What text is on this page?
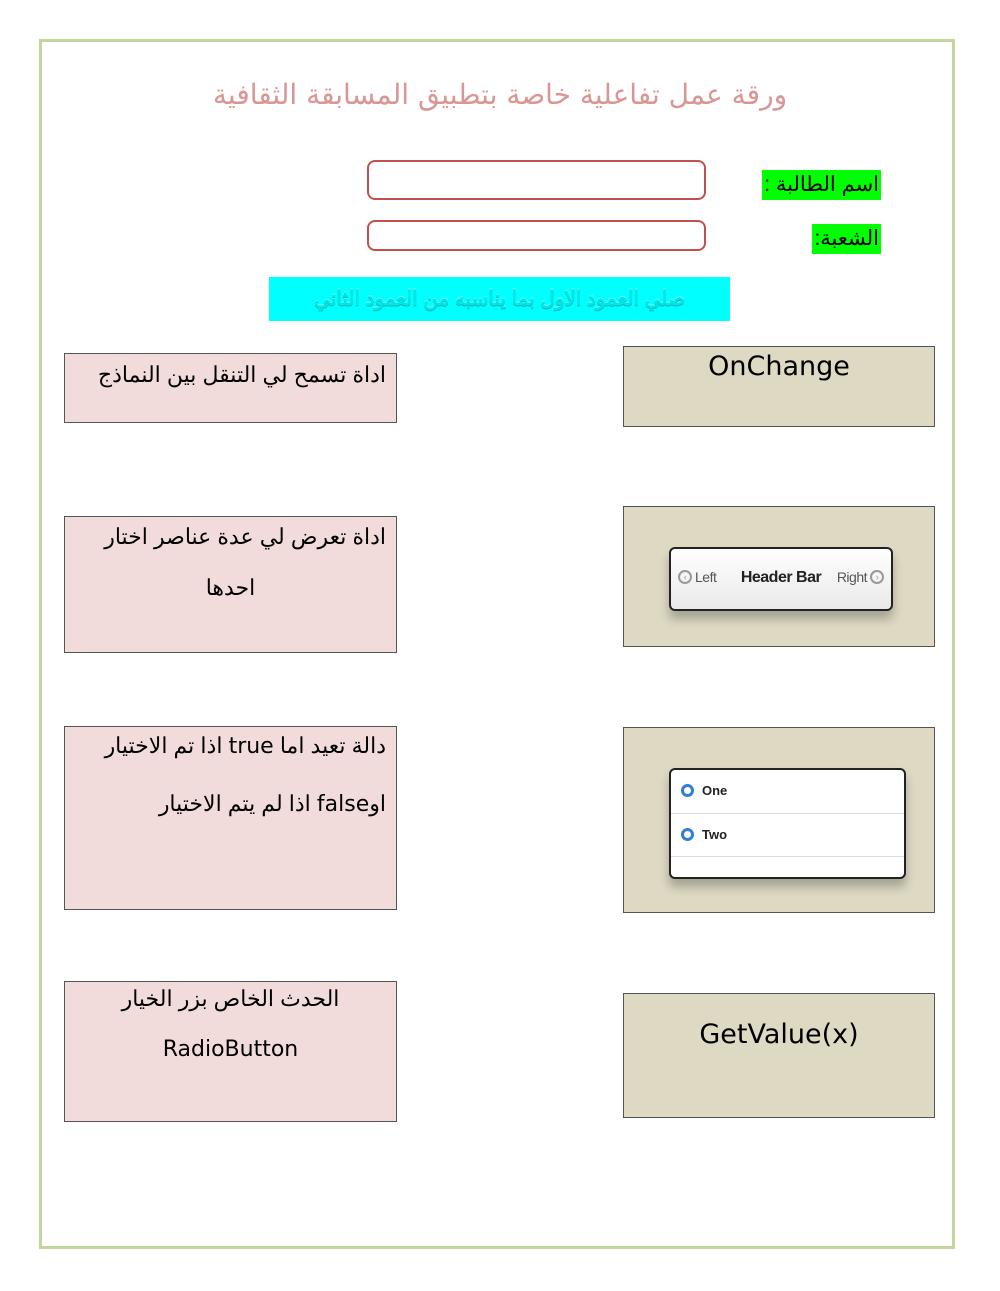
ورقة عمل تفاعلية خاصة بتطبيق المسابقة الثقافية
اسم الطالبة :
الشعبة:
صلي العمود الاول بما يناسبه من العمود الثاني
اداة تسمح لي التنقل بين النماذج
اداة تعرض لي عدة عناصر اختار
احدها
دالة تعيد اما true اذا تم الاختيار
اوfalse اذا لم يتم الاختيار
الحدث الخاص بزر الخيار
RadioButton
OnChange
‹ Left	Header Bar	Right ›
One
Two
GetValue(x)
